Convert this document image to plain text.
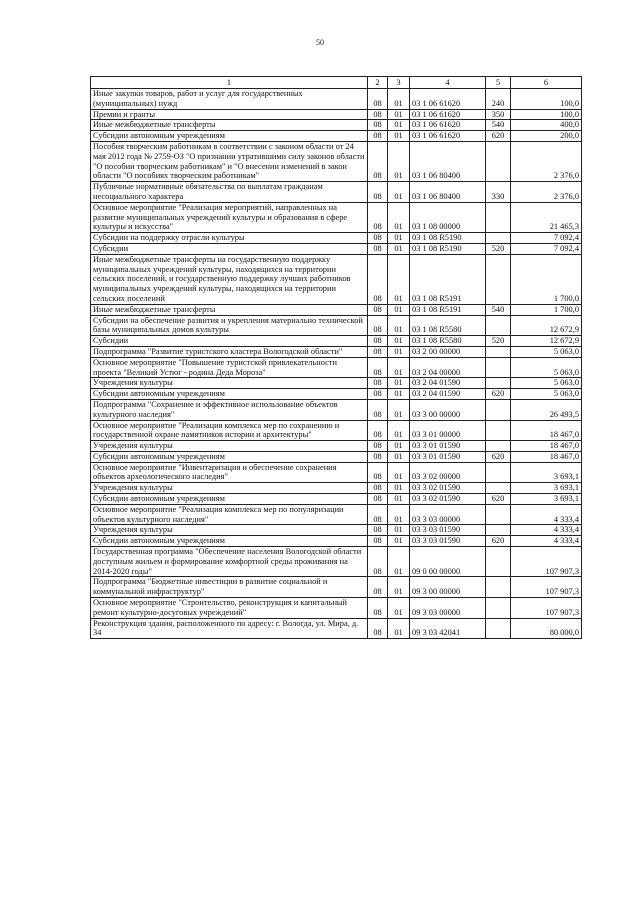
50
1	2	3	4	5	6
Иные закупки товаров, работ и услуг для государственных (муниципальных) нужд	08	01	03 1 06 61620	240	100,0
Премии и гранты	08	01	03 1 06 61620	350	100,0
Иные межбюджетные трансферты	08	01	03 1 06 61620	540	400,0
Субсидии автономным учреждениям	08	01	03 1 06 61620	620	200,0
Пособия творческим работникам в соответствии с законом области от 24 мая 2012 года № 2759-ОЗ "О признании утратившими силу законов области "О пособии творческим работникам" и "О внесении изменений в закон области "О пособиях творческим работникам"	08	01	03 1 06 80400		2 376,0
Публичные нормативные обязательства по выплатам гражданам несоциального характера	08	01	03 1 06 80400	330	2 376,0
Основное мероприятие "Реализация мероприятий, направленных на развитие муниципальных учреждений культуры и образования в сфере культуры и искусства"	08	01	03 1 08 00000		21 465,3
Субсидии на поддержку отрасли культуры	08	01	03 1 08 R5190		7 092,4
Субсидии	08	01	03 1 08 R5190	520	7 092,4
Иные межбюджетные трансферты на государственную поддержку муниципальных учреждений культуры, находящихся на территории сельских поселений, и государственную поддержку лучших работников муниципальных учреждений культуры, находящихся на территории сельских поселений	08	01	03 1 08 R5191		1 700,0
Иные межбюджетные трансферты	08	01	03 1 08 R5191	540	1 700,0
Субсидии на обеспечение развития и укрепления материально технической базы муниципальных домов культуры	08	01	03 1 08 R5580		12 672,9
Субсидии	08	01	03 1 08 R5580	520	12 672,9
Подпрограмма "Развитие туристского кластера Вологодской области"	08	01	03 2 00 00000		5 063,0
Основное мероприятие "Повышение туристской привлекательности проекта "Великий Устюг - родина Деда Мороза"	08	01	03 2 04 00000		5 063,0
Учреждения культуры	08	01	03 2 04 01590		5 063,0
Субсидии автономным учреждениям	08	01	03 2 04 01590	620	5 063,0
Подпрограмма "Сохранение и эффективное использование объектов культурного наследия"	08	01	03 3 00 00000		26 493,5
Основное мероприятие "Реализация комплекса мер по сохранению и государственной охране памятников истории и архитектуры"	08	01	03 3 01 00000		18 467,0
Учреждения культуры	08	01	03 3 01 01590		18 467,0
Субсидии автономным учреждениям	08	01	03 3 01 01590	620	18 467,0
Основное мероприятие "Инвентаризация и обеспечение сохранения объектов археологического наследия"	08	01	03 3 02 00000		3 693,1
Учреждения культуры	08	01	03 3 02 01590		3 693,1
Субсидии автономным учреждениям	08	01	03 3 02 01590	620	3 693,1
Основное мероприятие "Реализация комплекса мер по популяризации объектов культурного наследия"	08	01	03 3 03 00000		4 333,4
Учреждения культуры	08	01	03 3 03 01590		4 333,4
Субсидии автономным учреждениям	08	01	03 3 03 01590	620	4 333,4
Государственная программа "Обеспечение населения Вологодской области доступным жильем и формирование комфортной среды проживания на 2014-2020 годы"	08	01	09 0 00 00000		107 907,3
Подпрограмма "Бюджетные инвестиции в развитие социальной и коммунальной инфраструктур"	08	01	09 3 00 00000		107 907,3
Основное мероприятие "Строительство, реконструкция и капитальный ремонт культурно-досуговых учреждений"	08	01	09 3 03 00000		107 907,3
Реконструкция здания, расположенного по адресу: г. Вологда, ул. Мира, д. 34	08	01	09 3 03 42041		80 000,0
